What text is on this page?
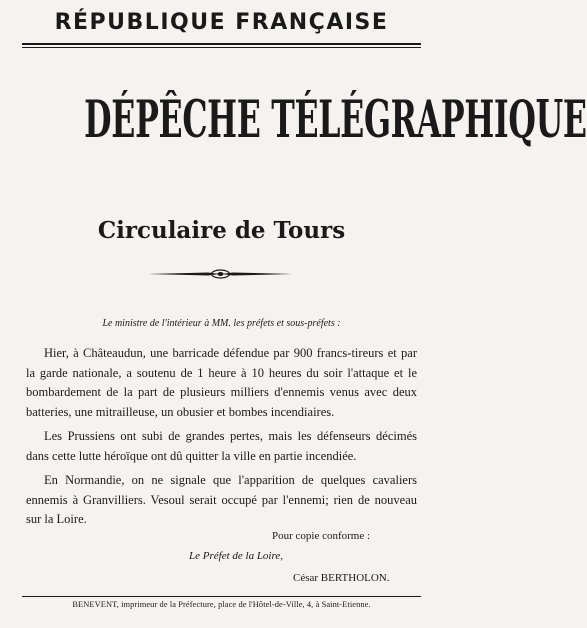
RÉPUBLIQUE FRANÇAISE
DÉPÊCHE TÉLÉGRAPHIQUE
Circulaire de Tours
Le ministre de l'intérieur à MM. les préfets et sous-préfets :

Hier, à Châteaudun, une barricade défendue par 900 francs-tireurs et par la garde nationale, a soutenu de 1 heure à 10 heures du soir l'attaque et le bombardement de la part de plusieurs milliers d'ennemis venus avec deux batteries, une mitrailleuse, un obusier et bombes incendiaires.

Les Prussiens ont subi de grandes pertes, mais les défenseurs décimés dans cette lutte héroïque ont dû quitter la ville en partie incendiée.

En Normandie, on ne signale que l'apparition de quelques cavaliers ennemis à Granvilliers. Vesoul serait occupé par l'ennemi; rien de nouveau sur la Loire.

Pour copie conforme :
Le Préfet de la Loire,
César BERTHOLON.
BENEVENT, imprimeur de la Préfecture, place de l'Hôtel-de-Ville, 4, à Saint-Etienne.
